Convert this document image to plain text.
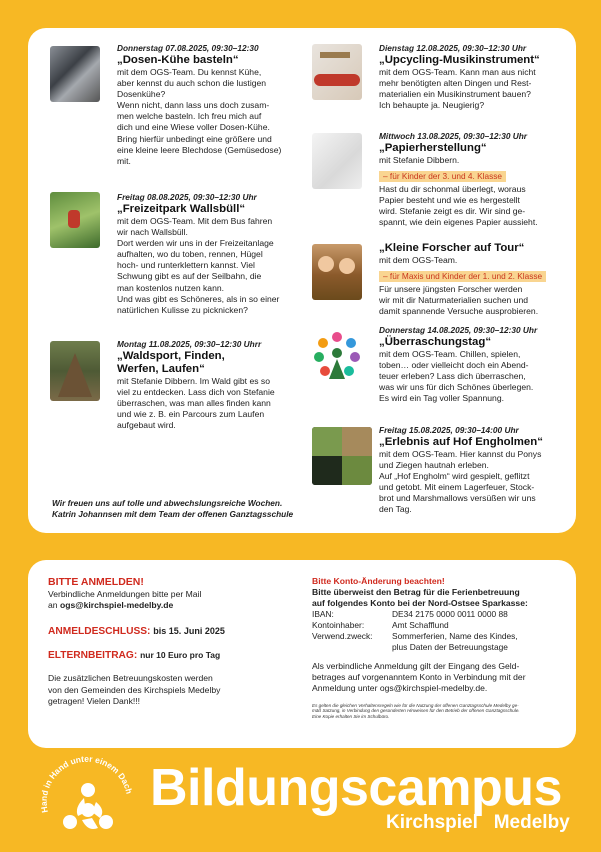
Donnerstag 07.08.2025, 09:30–12:30
„Dosen-Kühe basteln“
mit dem OGS-Team. Du kennst Kühe,
aber kennst du auch schon die lustigen
Dosenkühe?
Wenn nicht, dann lass uns doch zusam-
men welche basteln. Ich freu mich auf
dich und eine Wiese voller Dosen-Kühe.
Bring hierfür unbedingt eine größere und
eine kleine leere Blechdose (Gemüsedose)
mit.
Freitag 08.08.2025, 09:30–12:30 Uhr
„Freizeitpark Wallsbüll“
mit dem OGS-Team. Mit dem Bus fahren
wir nach Wallsbüll.
Dort werden wir uns in der Freizeitanlage
aufhalten, wo du toben, rennen, Hügel
hoch- und runterklettern kannst. Viel
Schwung gibt es auf der Seilbahn, die
man kostenlos nutzen kann.
Und was gibt es Schöneres, als in so einer
natürlichen Kulisse zu picknicken?
Montag 11.08.2025, 09:30–12:30 Uhrr
„Waldsport, Finden,
Werfen, Laufen“
mit Stefanie Dibbern. Im Wald gibt es so
viel zu entdecken. Lass dich von Stefanie
überraschen, was man alles finden kann
und wie z. B. ein Parcours zum Laufen
aufgebaut wird.
Wir freuen uns auf tolle und abwechslungsreiche Wochen.
Katrin Johannsen mit dem Team der offenen Ganztagsschule
Dienstag 12.08.2025, 09:30–12:30 Uhr
„Upcycling-Musikinstrument“
mit dem OGS-Team. Kann man aus nicht
mehr benötigten alten Dingen und Rest-
materialien ein Musikinstrument bauen?
Ich behaupte ja. Neugierig?
Mittwoch 13.08.2025, 09:30–12:30 Uhr
„Papierherstellung“
mit Stefanie Dibbern.
– für Kinder der 3. und 4. Klasse
Hast du dir schonmal überlegt, woraus
Papier besteht und wie es hergestellt
wird. Stefanie zeigt es dir. Wir sind ge-
spannt, wie dein eigenes Papier aussieht.
„Kleine Forscher auf Tour“
mit dem OGS-Team.
– für Maxis und Kinder der 1. und 2. Klasse
Für unsere jüngsten Forscher werden
wir mit dir Naturmaterialien suchen und
damit spannende Versuche ausprobieren.
Donnerstag 14.08.2025, 09:30–12:30 Uhr
„Überraschungstag“
mit dem OGS-Team. Chillen, spielen,
toben… oder vielleicht doch ein Abend-
teuer erleben? Lass dich überraschen,
was wir uns für dich Schönes überlegen.
Es wird ein Tag voller Spannung.
Freitag 15.08.2025, 09:30–14:00 Uhr
„Erlebnis auf Hof Engholmen“
mit dem OGS-Team. Hier kannst du Ponys
und Ziegen hautnah erleben.
Auf „Hof Engholm“ wird gespielt, geflitzt
und getobt. Mit einem Lagerfeuer, Stock-
brot und Marshmallows versüßen wir uns
den Tag.
BITTE ANMELDEN!
Verbindliche Anmeldungen bitte per Mail
an ogs@kirchspiel-medelby.de
ANMELDESCHLUSS: bis 15. Juni 2025
ELTERNBEITRAG: nur 10 Euro pro Tag
Die zusätzlichen Betreuungskosten werden
von den Gemeinden des Kirchspiels Medelby
getragen! Vielen Dank!!!
Bitte Konto-Änderung beachten!
Bitte überweist den Betrag für die Ferienbetreuung
auf folgendes Konto bei der Nord-Ostsee Sparkasse:
IBAN:	DE34 2175 0000 0011 0000 88
Kontoinhaber:	Amt Schafflund
Verwend.zweck:	Sommerferien, Name des Kindes,
plus Daten der Betreuungstage
Als verbindliche Anmeldung gilt der Eingang des Geld-
betrages auf vorgenanntem Konto in Verbindung mit der
Anmeldung unter ogs@kirchspiel-medelby.de.
Es gelten die gleichen Verhaltensregeln wie für die Nutzung der offenen Ganztagsschule Medelby ge-
mäß Satzung, in Verbindung den gesonderten Hinweisen für den Betrieb der offenen Ganztagsschule.
Eine Kopie erhalten Sie im Schulbüro.
Hand in Hand unter einem Dach Bildungscampus
Kirchspiel Medelby
